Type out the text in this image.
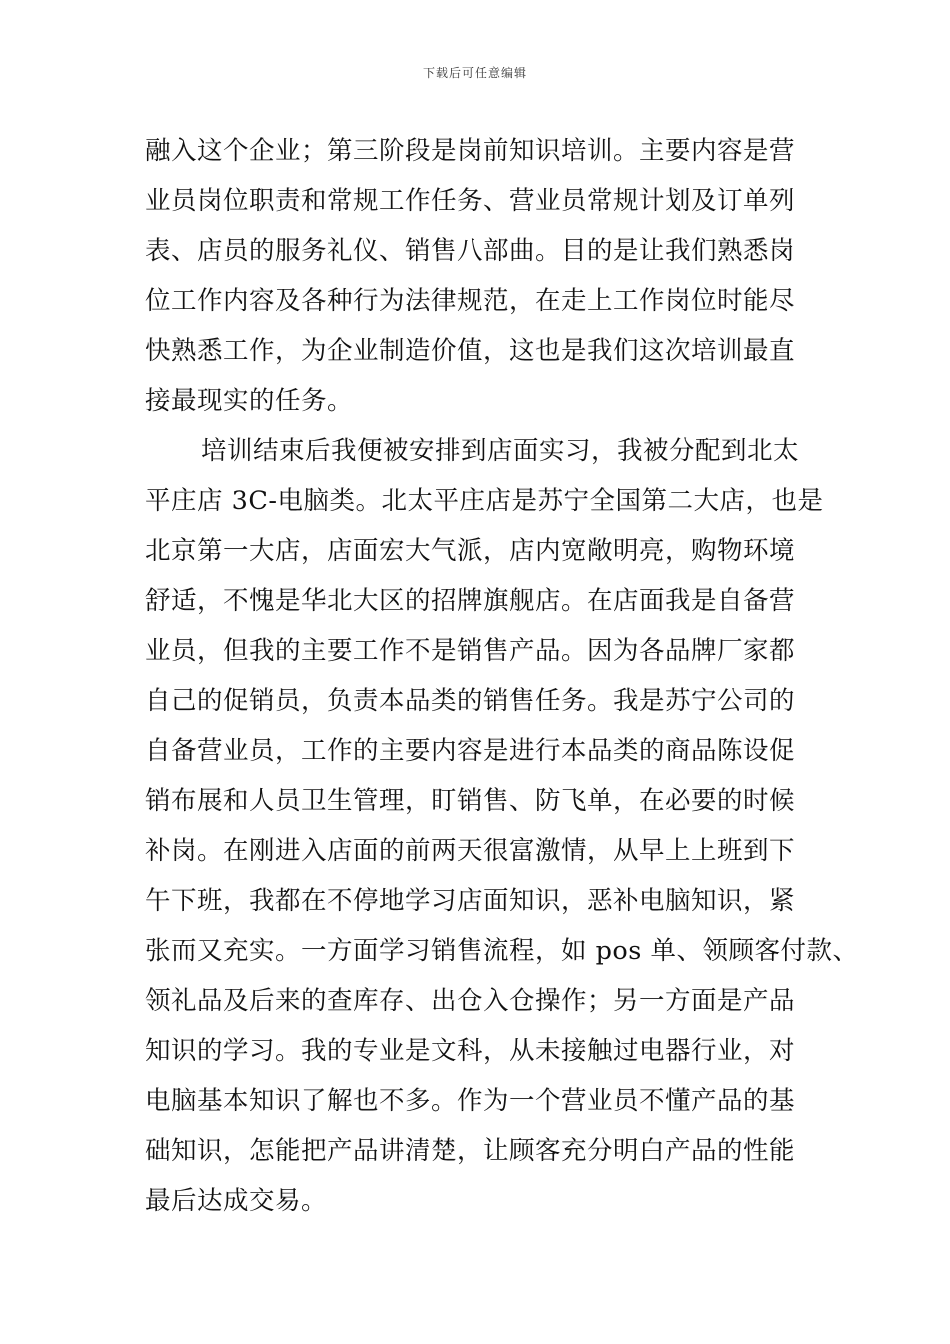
下载后可任意编辑
融入这个企业；第三阶段是岗前知识培训。主要内容是营
业员岗位职责和常规工作任务、营业员常规计划及订单列
表、店员的服务礼仪、销售八部曲。目的是让我们熟悉岗
位工作内容及各种行为法律规范，在走上工作岗位时能尽
快熟悉工作，为企业制造价值，这也是我们这次培训最直
接最现实的任务。
培训结束后我便被安排到店面实习，我被分配到北太
平庄店 3C-电脑类。北太平庄店是苏宁全国第二大店，也是
北京第一大店，店面宏大气派，店内宽敞明亮，购物环境
舒适，不愧是华北大区的招牌旗舰店。在店面我是自备营
业员，但我的主要工作不是销售产品。因为各品牌厂家都
自己的促销员，负责本品类的销售任务。我是苏宁公司的
自备营业员，工作的主要内容是进行本品类的商品陈设促
销布展和人员卫生管理，盯销售、防飞单，在必要的时候
补岗。在刚进入店面的前两天很富激情，从早上上班到下
午下班，我都在不停地学习店面知识，恶补电脑知识，紧
张而又充实。一方面学习销售流程，如 pos 单、领顾客付款、
领礼品及后来的查库存、出仓入仓操作；另一方面是产品
知识的学习。我的专业是文科，从未接触过电器行业，对
电脑基本知识了解也不多。作为一个营业员不懂产品的基
础知识，怎能把产品讲清楚，让顾客充分明白产品的性能
最后达成交易。
